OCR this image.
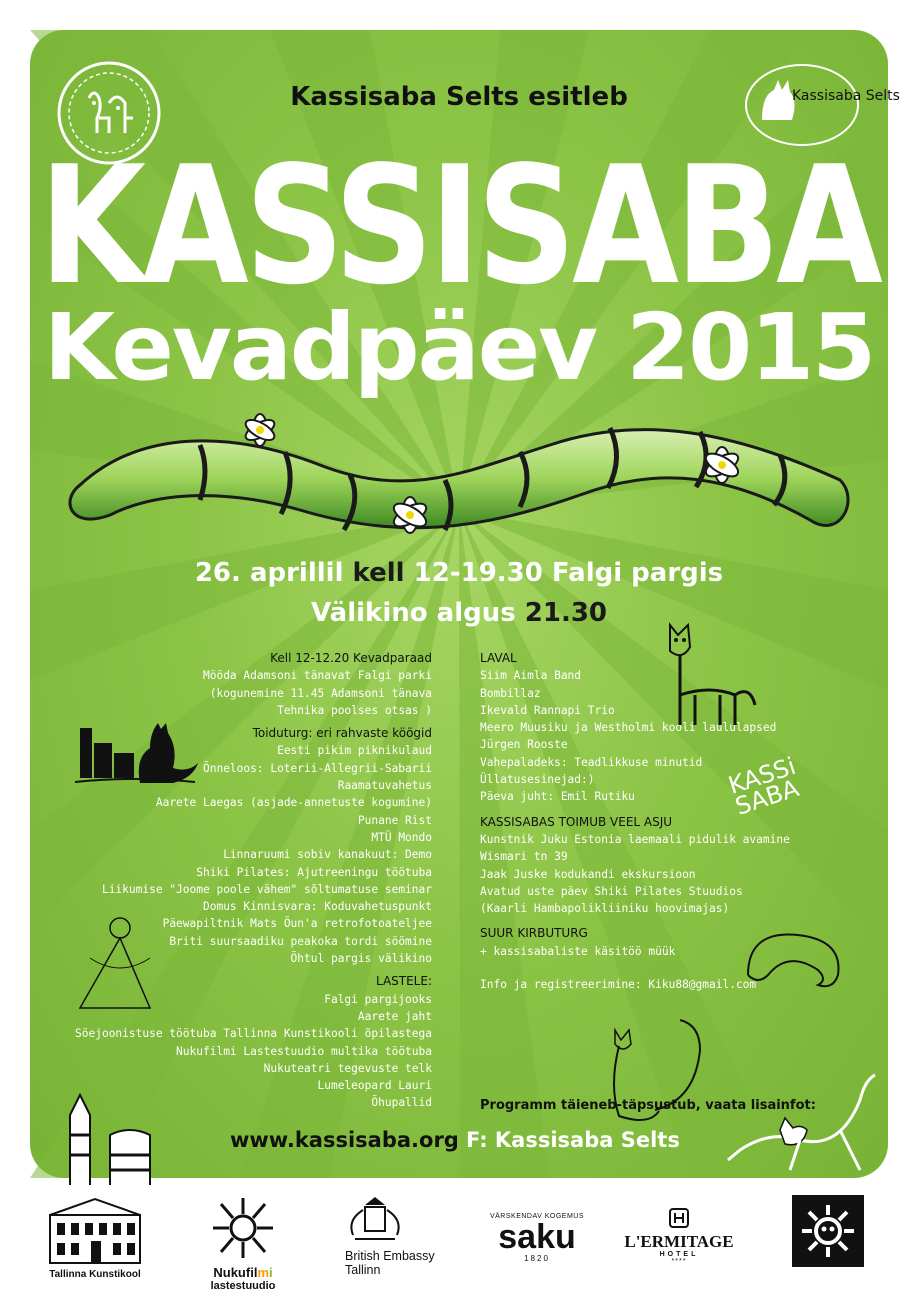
Kassisaba Selts
Kassisaba Selts esitleb
KASSISABA
Kevadpäev 2015
26. aprillil kell 12-19.30 Falgi pargis
Välikino algus 21.30
Kell 12-12.20 Kevadparaad
Mööda Adamsoni tänavat Falgi parki
(kogunemine 11.45 Adamsoni tänava
Tehnika poolses otsas )
Toiduturg: eri rahvaste köögid
Eesti pikim piknikulaud
Õnneloos: Loterii-Allegrii-Sabarii
Raamatuvahetus
Aarete Laegas (asjade-annetuste kogumine)
Punane Rist
MTÜ Mondo
Linnaruumi sobiv kanakuut: Demo
Shiki Pilates: Ajutreeningu töötuba
Liikumise "Joome poole vähem" sõltumatuse seminar
Domus Kinnisvara: Koduvahetuspunkt
Päewapiltnik Mats Õun'a retrofotoateljee
Briti suursaadiku peakoka tordi söömine
Õhtul pargis välikino
LASTELE:
Falgi pargijooks
Aarete jaht
Söejoonistuse töötuba Tallinna Kunstikooli õpilastega
Nukufilmi Lastestuudio multika töötuba
Nukuteatri tegevuste telk
Lumeleopard Lauri
Õhupallid
LAVAL
Siim Aimla Band
Bombillaz
Ikevald Rannapi Trio
Meero Muusiku ja Westholmi kooli laululapsed
Jürgen Rooste
Vahepaladeks: Teadlikkuse minutid
Üllatusesinejad:)
Päeva juht: Emil Rutiku
KASSISABAS TOIMUB VEEL ASJU
Kunstnik Juku Estonia laemaali pidulik avamine
Wismari tn 39
Jaak Juske kodukandi ekskursioon
Avatud uste päev Shiki Pilates Stuudios
(Kaarli Hambapolikliiniku hoovimajas)
SUUR KIRBUTURG
+ kassisabaliste käsitöö müük
Info ja registreerimine: Kiku88@gmail.com
KASSi SABA
Programm täieneb-täpsustub, vaata lisainfot:
www.kassisaba.org F: Kassisaba Selts
Tallinna Kunstikool	Nukufilmi
lastestuudio
British Embassy
Tallinn
VÄRSKENDAV KOGEMUS
saku
1820
L'ERMITAGE
HOTEL
****
